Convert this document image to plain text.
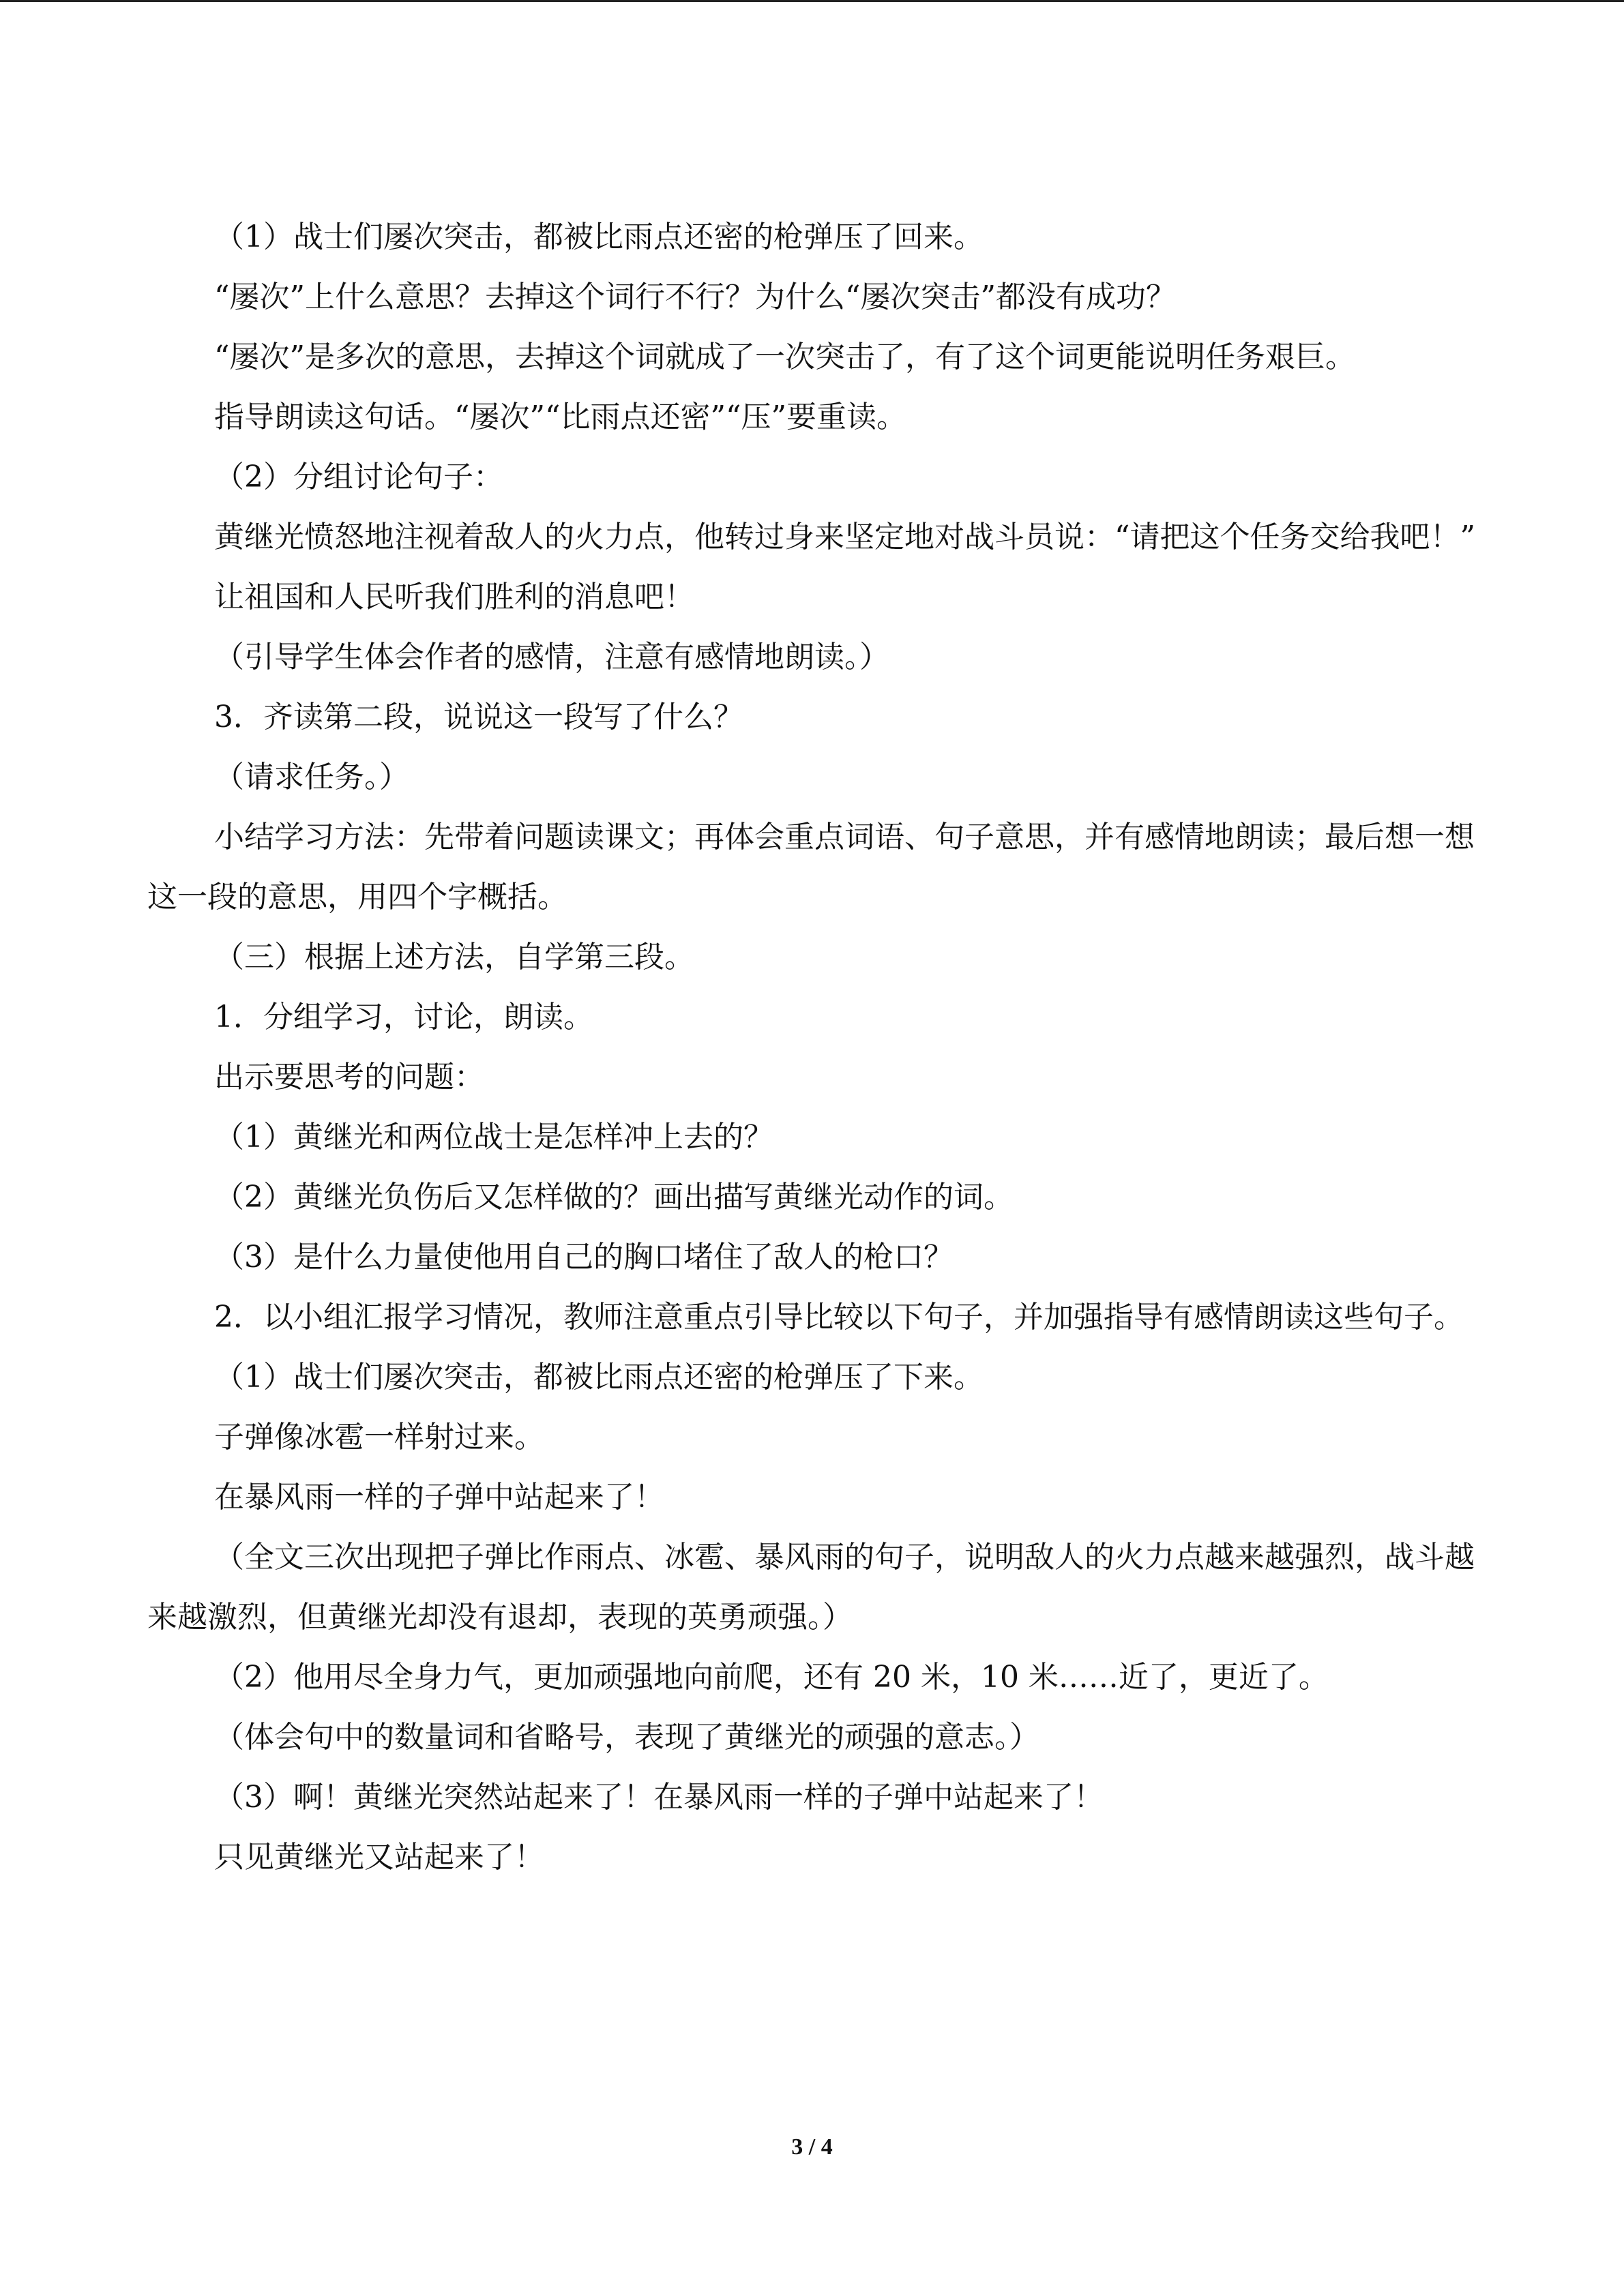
（1）战士们屡次突击，都被比雨点还密的枪弹压了回来。

“屡次”上什么意思？去掉这个词行不行？为什么“屡次突击”都没有成功？

“屡次”是多次的意思，去掉这个词就成了一次突击了，有了这个词更能说明任务艰巨。

指导朗读这句话。“屡次”“比雨点还密”“压”要重读。

（2）分组讨论句子：

黄继光愤怒地注视着敌人的火力点，他转过身来坚定地对战斗员说：“请把这个任务交给我吧！”

让祖国和人民听我们胜利的消息吧！

（引导学生体会作者的感情，注意有感情地朗读。）

3．齐读第二段，说说这一段写了什么？

（请求任务。）

小结学习方法：先带着问题读课文；再体会重点词语、句子意思，并有感情地朗读；最后想一想这一段的意思，用四个字概括。

（三）根据上述方法，自学第三段。

1．分组学习，讨论，朗读。

出示要思考的问题：

（1）黄继光和两位战士是怎样冲上去的？

（2）黄继光负伤后又怎样做的？画出描写黄继光动作的词。

（3）是什么力量使他用自己的胸口堵住了敌人的枪口？

2．以小组汇报学习情况，教师注意重点引导比较以下句子，并加强指导有感情朗读这些句子。

（1）战士们屡次突击，都被比雨点还密的枪弹压了下来。

子弹像冰雹一样射过来。

在暴风雨一样的子弹中站起来了！

（全文三次出现把子弹比作雨点、冰雹、暴风雨的句子，说明敌人的火力点越来越强烈，战斗越来越激烈，但黄继光却没有退却，表现的英勇顽强。）

（2）他用尽全身力气，更加顽强地向前爬，还有 20 米，10 米……近了，更近了。

（体会句中的数量词和省略号，表现了黄继光的顽强的意志。）

（3）啊！黄继光突然站起来了！在暴风雨一样的子弹中站起来了！

只见黄继光又站起来了！

3 / 4
